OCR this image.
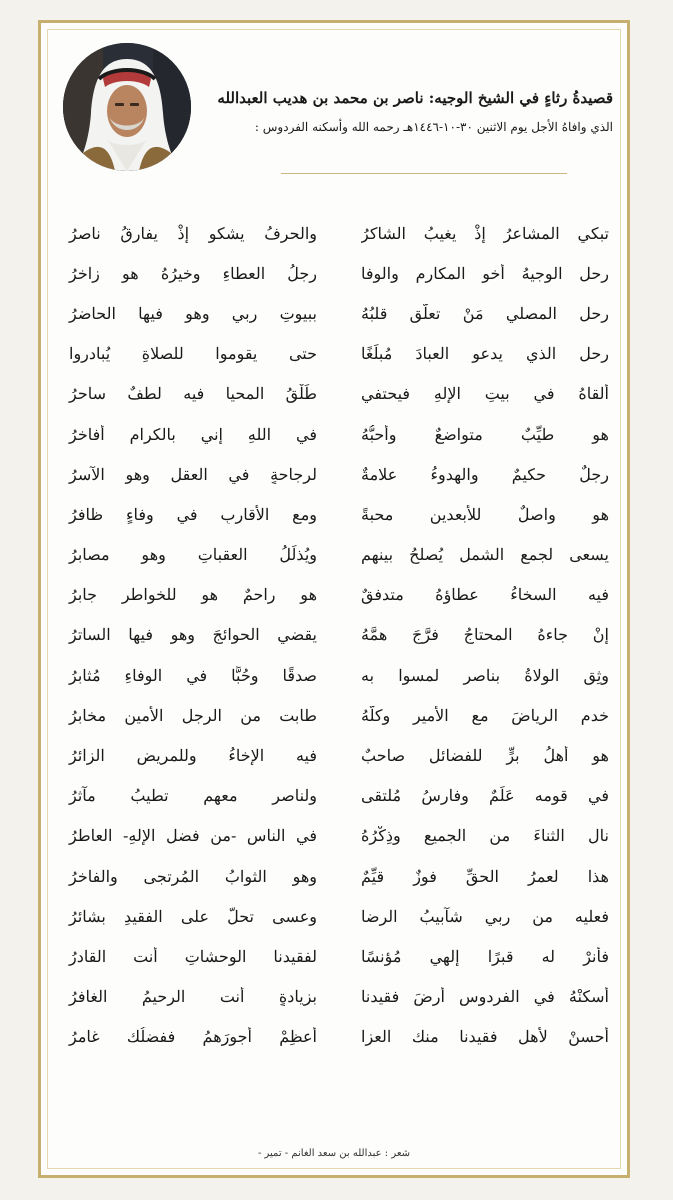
قصيدةُ رثاءٍ في الشيخ الوجيه: ناصر بن محمد بن هديب العبدالله

الذي وافاهُ الأجل يوم الاثنين ٣٠-١٠-١٤٤٦هـ رحمه الله وأسكنه الفردوس :

تبكي المشاعرُ إذْ يغيبُ الشاكرُ
والحرفُ يشكو إذْ يفارقُ ناصرُ
رحل الوجيهُ أخو المكارمِ والوفا
رجلُ العطاءِ وخيرُهُ هو زاخرُ
رحل المصلي مَنْ تعلّق قلبُهُ
ببيوتِ ربي وهو فيها الحاضرُ
رحل الذي يدعو العبادَ مُبلِّغًا
حتى يقوموا للصلاةِ يُبادروا
ألقاهُ في بيتِ الإلهِ فيحتفي
طَلْقُ المحيا فيه لطفٌ ساحرُ
هو طيِّبٌ متواضعٌ وأُحبُّهُ
في اللهِ إني بالكرامِ أُفاخرُ
رجلٌ حكيمٌ والهدوءُ علامةٌ
لرجاحةٍ في العقلِ وهو الآسرُ
هو واصلٌ للأبعدين محبةً
ومع الأقاربِ في وفاءٍ ظافرُ
يسعى لجمعِ الشملِ يُصلحُ بينهم
ويُذلِّلُ العقباتِ وهو مصابرُ
فيه السخاءُ عطاؤهُ متدفقٌ
هو راحمٌ هو للخواطرِ جابرُ
إنْ جاءهُ المحتاجُ فرَّجَ همَّهُ
يقضي الحوائجَ وهو فيها الساترُ
وثِق الولاةُ بناصرٍ لمسوا به
صدقًا وحُبًّا في الوفاءِ مُثابرُ
خدم الرياضَ مع الأميرِ وكلُّهُ
طابت من الرجلِ الأمينِ مخابرُ
هو أهلُ برٍّ للفضائلِ صاحبٌ
فيه الإخاءُ وللمريضِ الزائرُ
في قومه عَلَمٌ وفارسُ مُلتقى
ولناصرٍ معهم تطيبُ مآثرُ
نال الثناءَ من الجميعِ وذِكْرُهُ
في الناسِ -من فضلِ الإلهِ- العاطرُ
هذا لعمرُ الحقِّ فوزٌ قيِّمٌ
وهو الثوابُ المُرتجى والفاخرُ
فعليه من ربي شآبيبُ الرضا
وعسى تحلُّ على الفقيدِ بشائرُ
فأنرْ له قبرًا إلهي مُؤنسًا
لفقيدنا الوحشاتِ أنت القادرُ
أسكنْهُ في الفردوسِ أرضَ فقيدنا
بزيادةٍ أنت الرحيمُ الغافرُ
أحسنْ لأهلِ فقيدنا منك العزا
أعظِمْ أجورَهمُ ففضلُك غامرُ
شعر : عبدالله بن سعد الغانم - تمير -
